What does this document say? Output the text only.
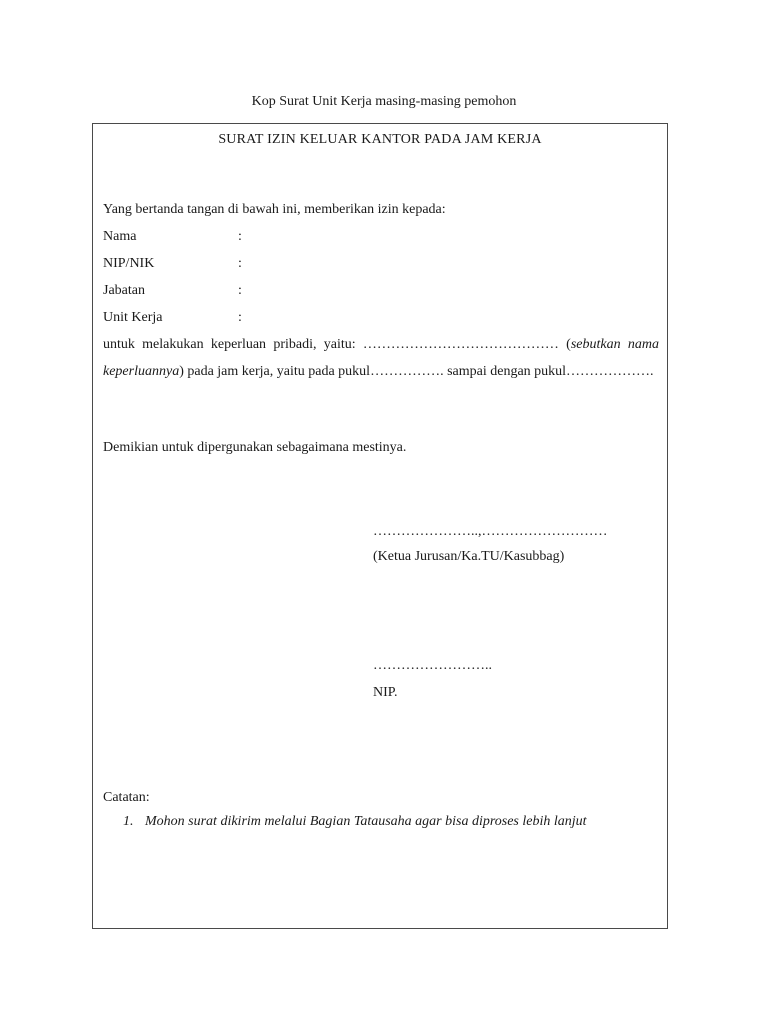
Kop Surat Unit Kerja masing-masing pemohon
SURAT IZIN KELUAR KANTOR PADA JAM KERJA
Yang bertanda tangan di bawah ini, memberikan izin kepada:
Nama	:
NIP/NIK	:
Jabatan	:
Unit Kerja	:
untuk melakukan keperluan pribadi, yaitu: …………………………………… (sebutkan nama keperluannya) pada jam kerja, yaitu pada pukul……………. sampai dengan pukul……………….
Demikian untuk dipergunakan sebagaimana mestinya.
…………………..,………………………
(Ketua Jurusan/Ka.TU/Kasubbag)
……………………..
NIP.
Catatan:
1. Mohon surat dikirim melalui Bagian Tatausaha agar bisa diproses lebih lanjut
